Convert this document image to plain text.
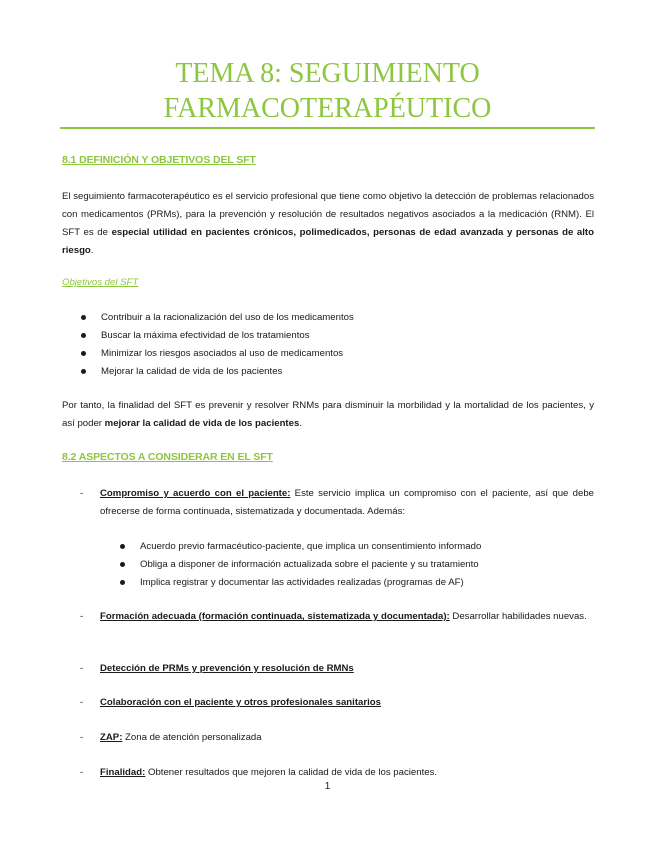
TEMA 8: SEGUIMIENTO
FARMACOTERAPÉUTICO
8.1 DEFINICIÓN Y OBJETIVOS DEL SFT
El seguimiento farmacoterapéutico es el servicio profesional que tiene como objetivo la detección de problemas relacionados con medicamentos (PRMs), para la prevención y resolución de resultados negativos asociados a la medicación (RNM). El SFT es de especial utilidad en pacientes crónicos, polimedicados, personas de edad avanzada y personas de alto riesgo.
Objetivos del SFT
Contribuir a la racionalización del uso de los medicamentos
Buscar la máxima efectividad de los tratamientos
Minimizar los riesgos asociados al uso de medicamentos
Mejorar la calidad de vida de los pacientes
Por tanto, la finalidad del SFT es prevenir y resolver RNMs para disminuir la morbilidad y la mortalidad de los pacientes, y así poder mejorar la calidad de vida de los pacientes.
8.2 ASPECTOS A CONSIDERAR EN EL SFT
- Compromiso y acuerdo con el paciente: Este servicio implica un compromiso con el paciente, así que debe ofrecerse de forma continuada, sistematizada y documentada. Además:
Acuerdo previo farmacéutico-paciente, que implica un consentimiento informado
Obliga a disponer de información actualizada sobre el paciente y su tratamiento
Implica registrar y documentar las actividades realizadas (programas de AF)
- Formación adecuada (formación continuada, sistematizada y documentada): Desarrollar habilidades nuevas.
- Detección de PRMs y prevención y resolución de RMNs
- Colaboración con el paciente y otros profesionales sanitarios
- ZAP: Zona de atención personalizada
- Finalidad: Obtener resultados que mejoren la calidad de vida de los pacientes.
1
